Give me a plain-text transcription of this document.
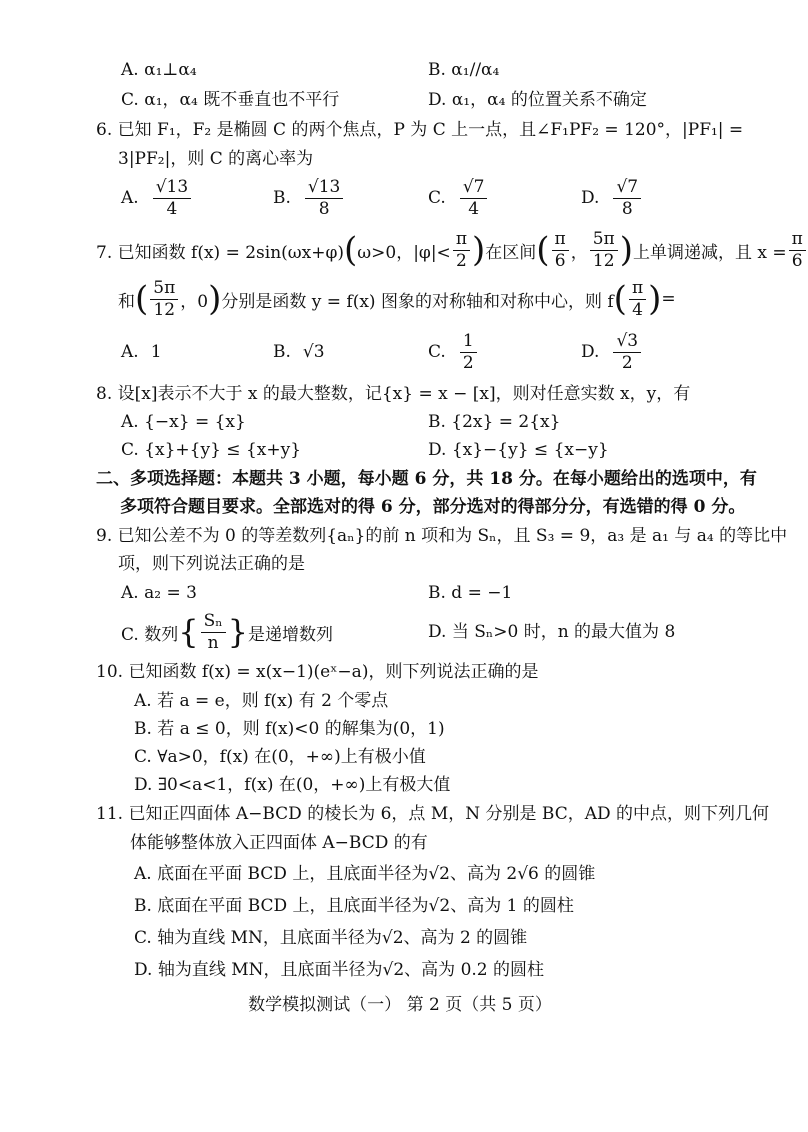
A. α₁⊥α₄	B. α₁//α₄
C. α₁，α₄ 既不垂直也不平行	D. α₁，α₄ 的位置关系不确定
6. 已知 F₁，F₂ 是椭圆 C 的两个焦点，P 为 C 上一点，且∠F₁PF₂ = 120°，|PF₁| =
3|PF₂|，则 C 的离心率为
A. $\frac{√13}{4}$	B. $\frac{√13}{8}$	C. $\frac{√7}{4}$	D. $\frac{√7}{8}$
7. 已知函数 f(x) = 2sin(ωx+φ) ( ω>0，$|\varphi|< \frac{\pi}{2}$ ) 在区间 ( $\frac{\pi}{6}$ ， $\frac{5\pi}{12}$ ) 上单调递减，且 $x = \frac{\pi}{6}$
和 ( $\frac{5\pi}{12}$ ，0 ) 分别是函数 y = f(x) 图象的对称轴和对称中心，则 f ( $\frac{\pi}{4}$ ) =
A. 1	B. √3	C. $\frac{1}{2}$	D. $\frac{√3}{2}$
8. 设[x]表示不大于 x 的最大整数，记{x} = x − [x]，则对任意实数 x，y，有
A. {−x} = {x}	B. {2x} = 2{x}
C. {x}+{y} ≤ {x+y}	D. {x}−{y} ≤ {x−y}
二、多项选择题：本题共 3 小题，每小题 6 分，共 18 分。在每小题给出的选项中，有
多项符合题目要求。全部选对的得 6 分，部分选对的得部分分，有选错的得 0 分。
9. 已知公差不为 0 的等差数列{aₙ}的前 n 项和为 Sₙ，且 S₃ = 9，a₃ 是 a₁ 与 a₄ 的等比中
项，则下列说法正确的是
A. a₂ = 3	B. d = −1
C. 数列 { $\frac{\text{Sₙ}}{n}$ } 是递增数列	D. 当 Sₙ>0 时，n 的最大值为 8
10. 已知函数 f(x) = x(x−1)(eˣ−a)，则下列说法正确的是
A. 若 a = e，则 f(x) 有 2 个零点
B. 若 a ≤ 0，则 f(x)<0 的解集为(0，1)
C. ∀a>0，f(x) 在(0，+∞)上有极小值
D. ∃0<a<1，f(x) 在(0，+∞)上有极大值
11. 已知正四面体 A−BCD 的棱长为 6，点 M，N 分别是 BC，AD 的中点，则下列几何
体能够整体放入正四面体 A−BCD 的有
A. 底面在平面 BCD 上，且底面半径为√2、高为 2√6 的圆锥
B. 底面在平面 BCD 上，且底面半径为√2、高为 1 的圆柱
C. 轴为直线 MN，且底面半径为√2、高为 2 的圆锥
D. 轴为直线 MN，且底面半径为√2、高为 0.2 的圆柱
数学模拟测试（一） 第 2 页（共 5 页）
